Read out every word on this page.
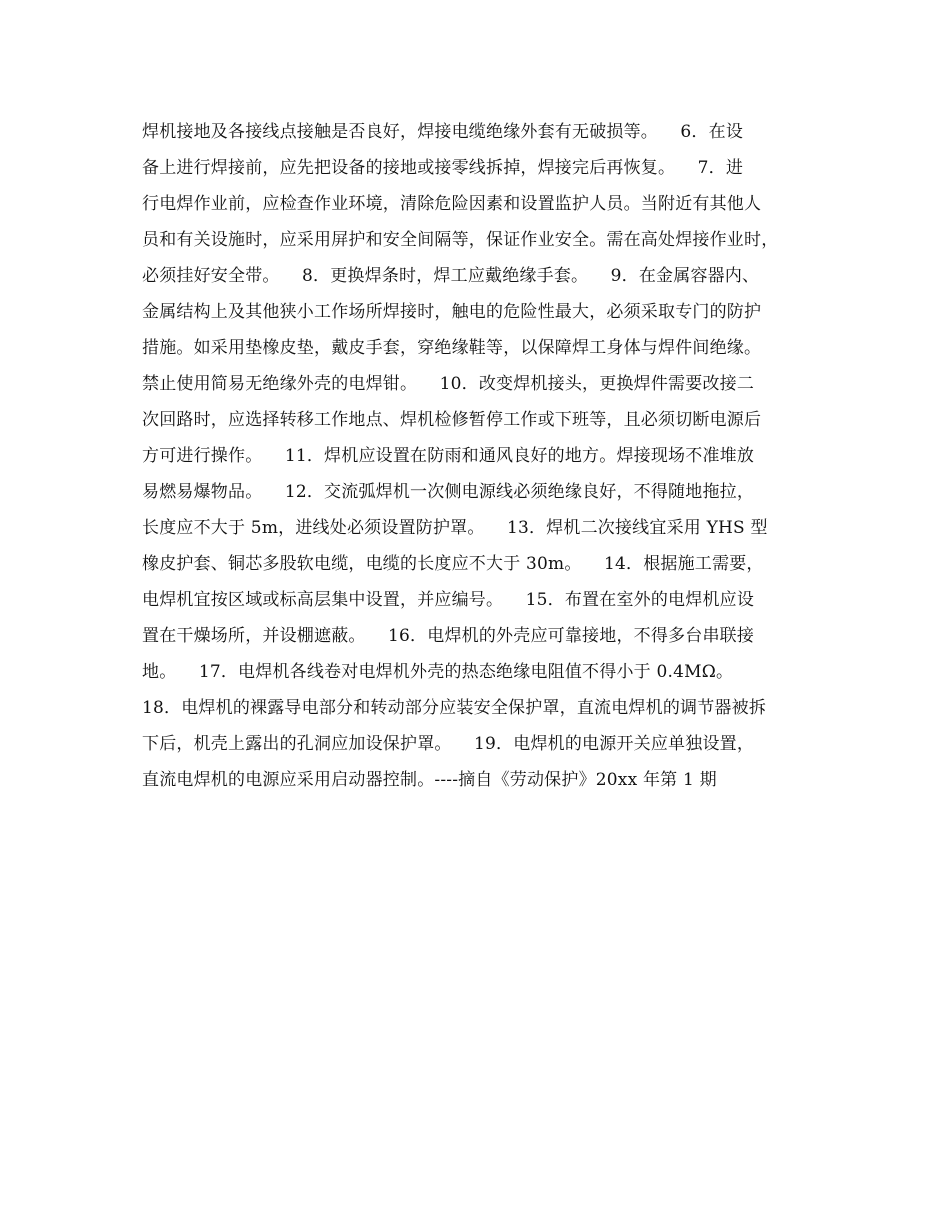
焊机接地及各接线点接触是否良好，焊接电缆绝缘外套有无破损等。    6．在设
备上进行焊接前，应先把设备的接地或接零线拆掉，焊接完后再恢复。    7．进
行电焊作业前，应检查作业环境，清除危险因素和设置监护人员。当附近有其他人
员和有关设施时，应采用屏护和安全间隔等，保证作业安全。需在高处焊接作业时，
必须挂好安全带。    8．更换焊条时，焊工应戴绝缘手套。    9．在金属容器内、
金属结构上及其他狭小工作场所焊接时，触电的危险性最大，必须采取专门的防护
措施。如采用垫橡皮垫，戴皮手套，穿绝缘鞋等，以保障焊工身体与焊件间绝缘。
禁止使用简易无绝缘外壳的电焊钳。    10．改变焊机接头，更换焊件需要改接二
次回路时，应选择转移工作地点、焊机检修暂停工作或下班等，且必须切断电源后
方可进行操作。    11．焊机应设置在防雨和通风良好的地方。焊接现场不准堆放
易燃易爆物品。    12．交流弧焊机一次侧电源线必须绝缘良好，不得随地拖拉，
长度应不大于 5m，进线处必须设置防护罩。    13．焊机二次接线宜采用 YHS 型
橡皮护套、铜芯多股软电缆，电缆的长度应不大于 30m。    14．根据施工需要，
电焊机宜按区域或标高层集中设置，并应编号。    15．布置在室外的电焊机应设
置在干燥场所，并设棚遮蔽。    16．电焊机的外壳应可靠接地，不得多台串联接
地。    17．电焊机各线卷对电焊机外壳的热态绝缘电阻值不得小于 0.4MΩ。
18．电焊机的裸露导电部分和转动部分应装安全保护罩，直流电焊机的调节器被拆
下后，机壳上露出的孔洞应加设保护罩。    19．电焊机的电源开关应单独设置，
直流电焊机的电源应采用启动器控制。----摘自《劳动保护》20xx 年第 1 期
